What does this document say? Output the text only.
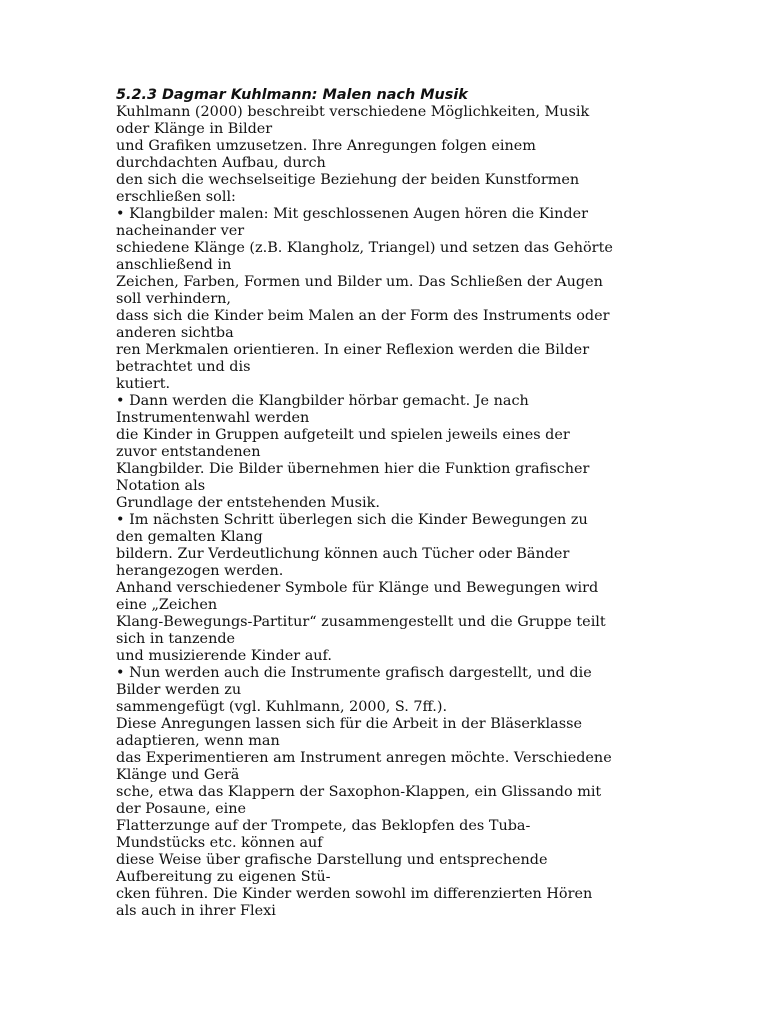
5.2.3 Dagmar Kuhlmann: Malen nach Musik

Kuhlmann (2000) beschreibt verschiedene Möglichkeiten, Musik

oder Klänge in Bilder

und Grafiken umzusetzen. Ihre Anregungen folgen einem

durchdachten Aufbau, durch

den sich die wechselseitige Beziehung der beiden Kunstformen

erschließen soll:

• Klangbilder malen: Mit geschlossenen Augen hören die Kinder

nacheinander ver

schiedene Klänge (z.B. Klangholz, Triangel) und setzen das Gehörte

anschließend in

Zeichen, Farben, Formen und Bilder um. Das Schließen der Augen

soll verhindern,

dass sich die Kinder beim Malen an der Form des Instruments oder

anderen sichtba

ren Merkmalen orientieren. In einer Reflexion werden die Bilder

betrachtet und dis

kutiert.

• Dann werden die Klangbilder hörbar gemacht. Je nach

Instrumentenwahl werden

die Kinder in Gruppen aufgeteilt und spielen jeweils eines der

zuvor entstandenen

Klangbilder. Die Bilder übernehmen hier die Funktion grafischer

Notation als

Grundlage der entstehenden Musik.

• Im nächsten Schritt überlegen sich die Kinder Bewegungen zu

den gemalten Klang

bildern. Zur Verdeutlichung können auch Tücher oder Bänder

herangezogen werden.

Anhand verschiedener Symbole für Klänge und Bewegungen wird

eine „Zeichen

Klang-Bewegungs-Partitur“ zusammengestellt und die Gruppe teilt

sich in tanzende

und musizierende Kinder auf.

• Nun werden auch die Instrumente grafisch dargestellt, und die

Bilder werden zu

sammengefügt (vgl. Kuhlmann, 2000, S. 7ff.).

Diese Anregungen lassen sich für die Arbeit in der Bläserklasse

adaptieren, wenn man

das Experimentieren am Instrument anregen möchte. Verschiedene

Klänge und Gerä

sche, etwa das Klappern der Saxophon-Klappen, ein Glissando mit

der Posaune, eine

Flatterzunge auf der Trompete, das Beklopfen des Tuba-

Mundstücks etc. können auf

diese Weise über grafische Darstellung und entsprechende

Aufbereitung zu eigenen Stü-

cken führen. Die Kinder werden sowohl im differenzierten Hören

als auch in ihrer Flexi
